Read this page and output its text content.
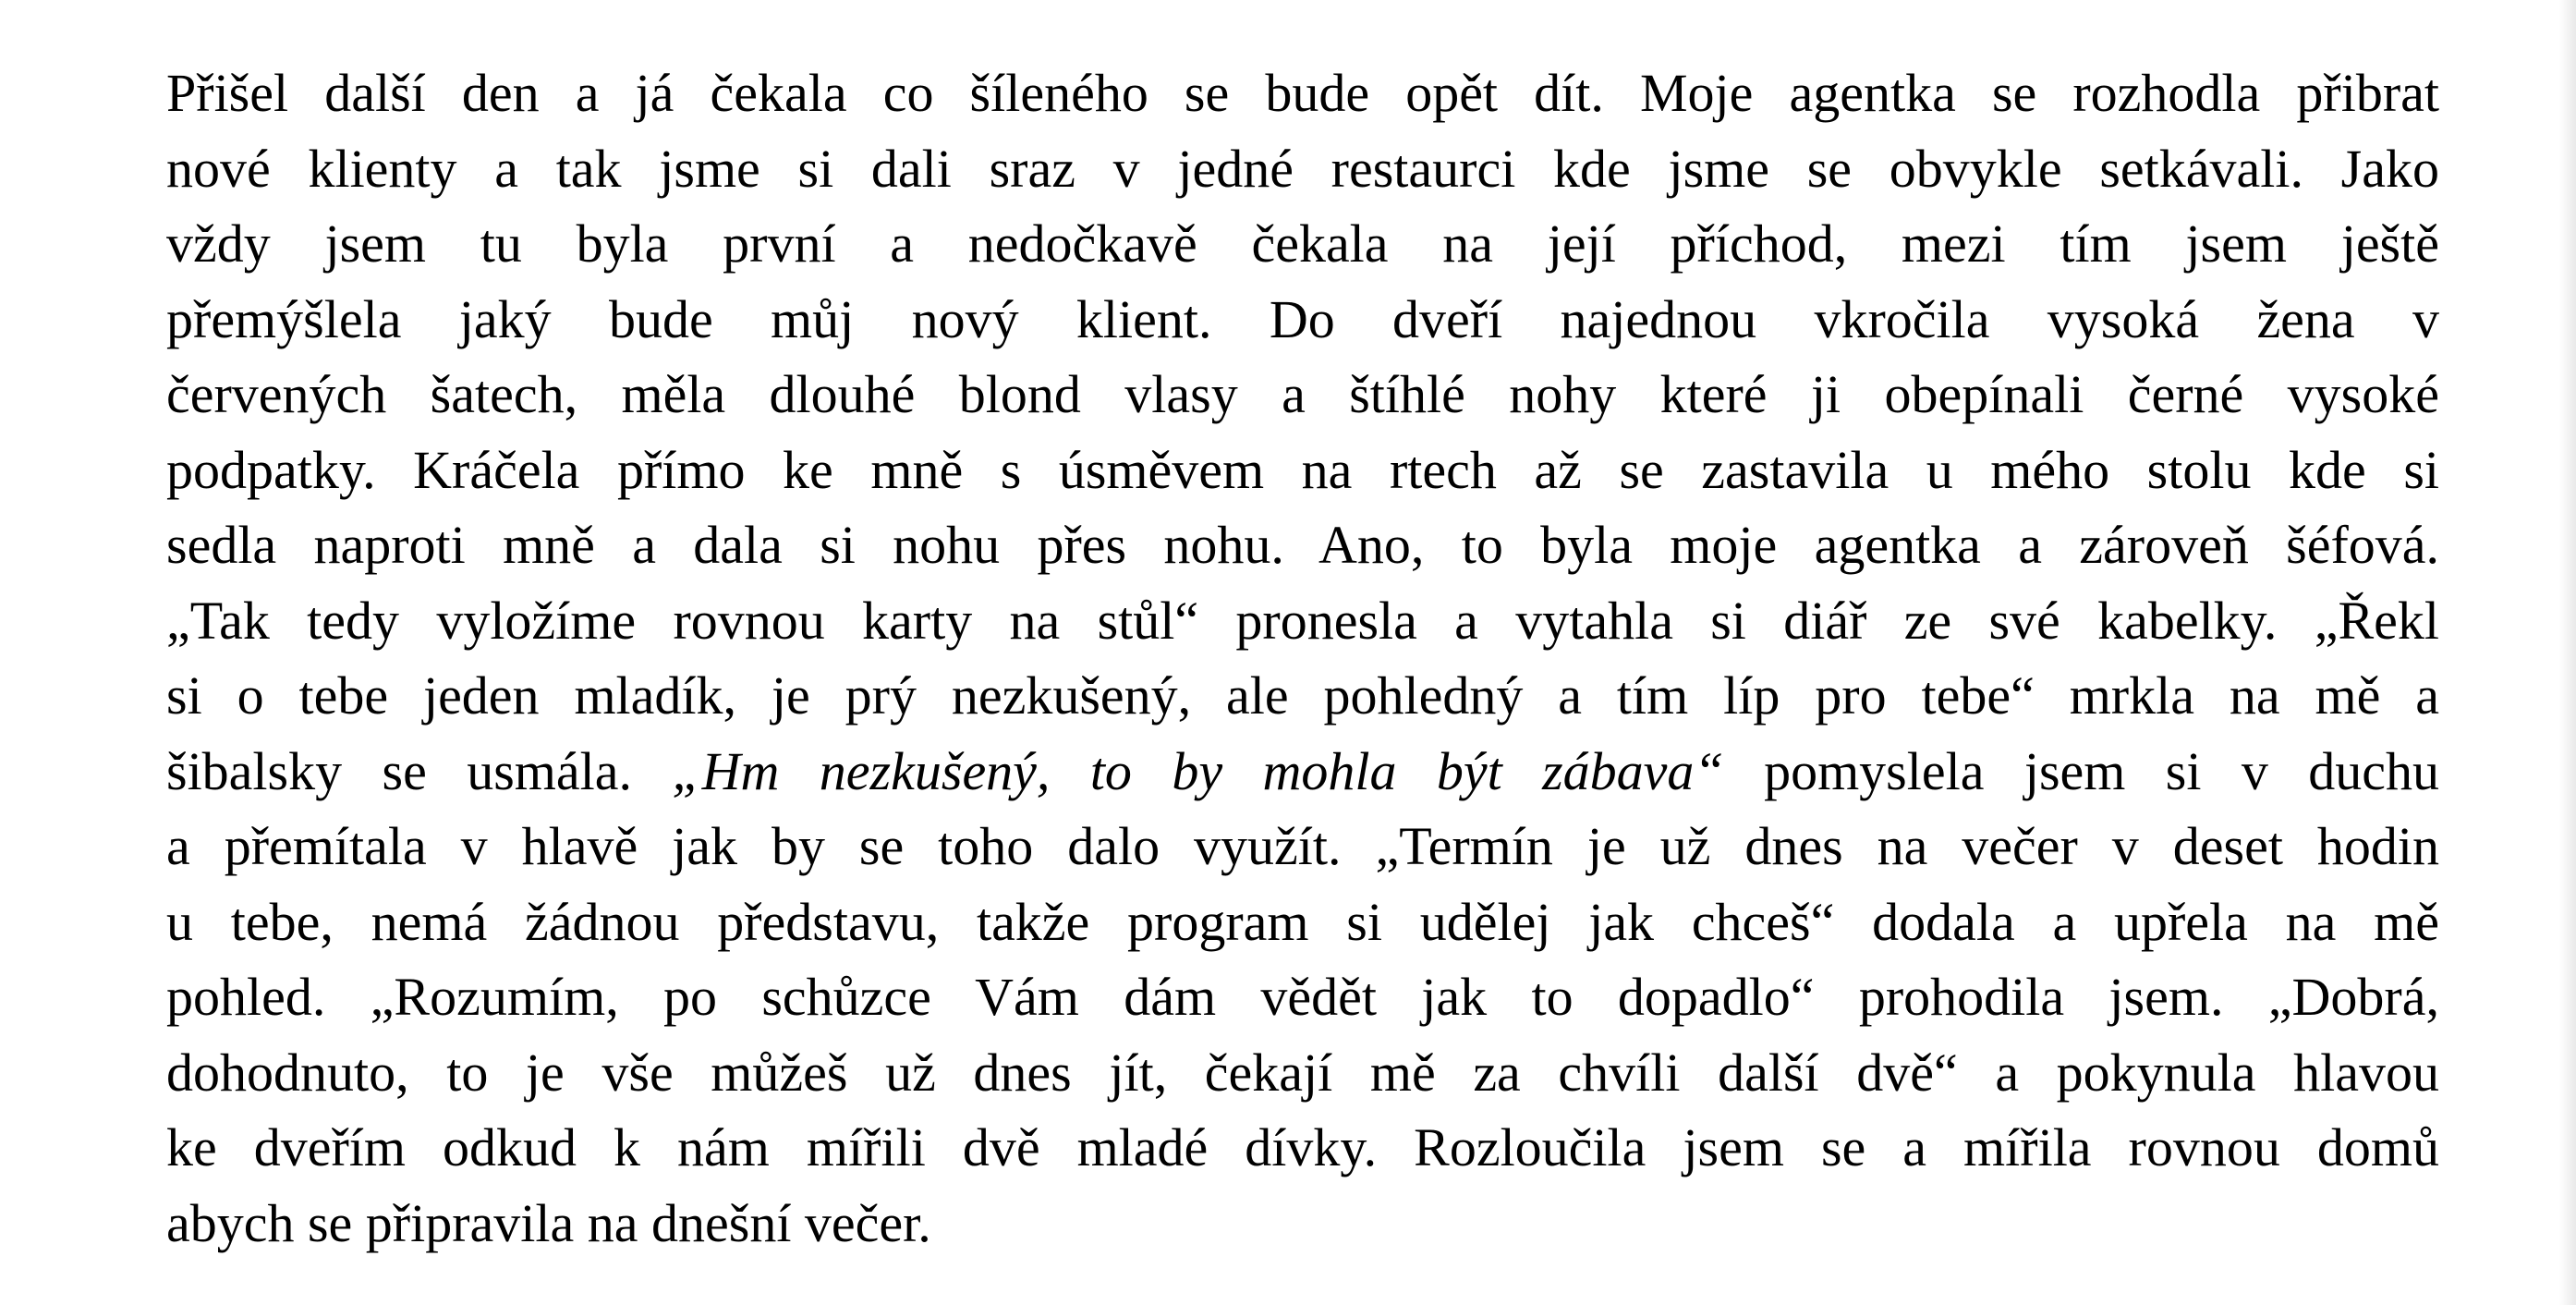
Přišel další den a já čekala co šíleného se bude opět dít. Moje agentka se rozhodla přibrat
nové klienty a tak jsme si dali sraz v jedné restaurci kde jsme se obvykle setkávali. Jako
vždy jsem tu byla první a nedočkavě čekala na její příchod, mezi tím jsem ještě
přemýšlela jaký bude můj nový klient. Do dveří najednou vkročila vysoká žena v
červených šatech, měla dlouhé blond vlasy a štíhlé nohy které ji obepínali černé vysoké
podpatky. Kráčela přímo ke mně s úsměvem na rtech až se zastavila u mého stolu kde si
sedla naproti mně a dala si nohu přes nohu. Ano, to byla moje agentka a zároveň šéfová.
„Tak tedy vyložíme rovnou karty na stůl“ pronesla a vytahla si diář ze své kabelky. „Řekl
si o tebe jeden mladík, je prý nezkušený, ale pohledný a tím líp pro tebe“ mrkla na mě a
šibalsky se usmála. „Hm nezkušený, to by mohla být zábava“ pomyslela jsem si v duchu
a přemítala v hlavě jak by se toho dalo využít. „Termín je už dnes na večer v deset hodin
u tebe, nemá žádnou představu, takže program si udělej jak chceš“ dodala a upřela na mě
pohled. „Rozumím, po schůzce Vám dám vědět jak to dopadlo“ prohodila jsem. „Dobrá,
dohodnuto, to je vše můžeš už dnes jít, čekají mě za chvíli další dvě“ a pokynula hlavou
ke dveřím odkud k nám mířili dvě mladé dívky. Rozloučila jsem se a mířila rovnou domů
abych se připravila na dnešní večer.
